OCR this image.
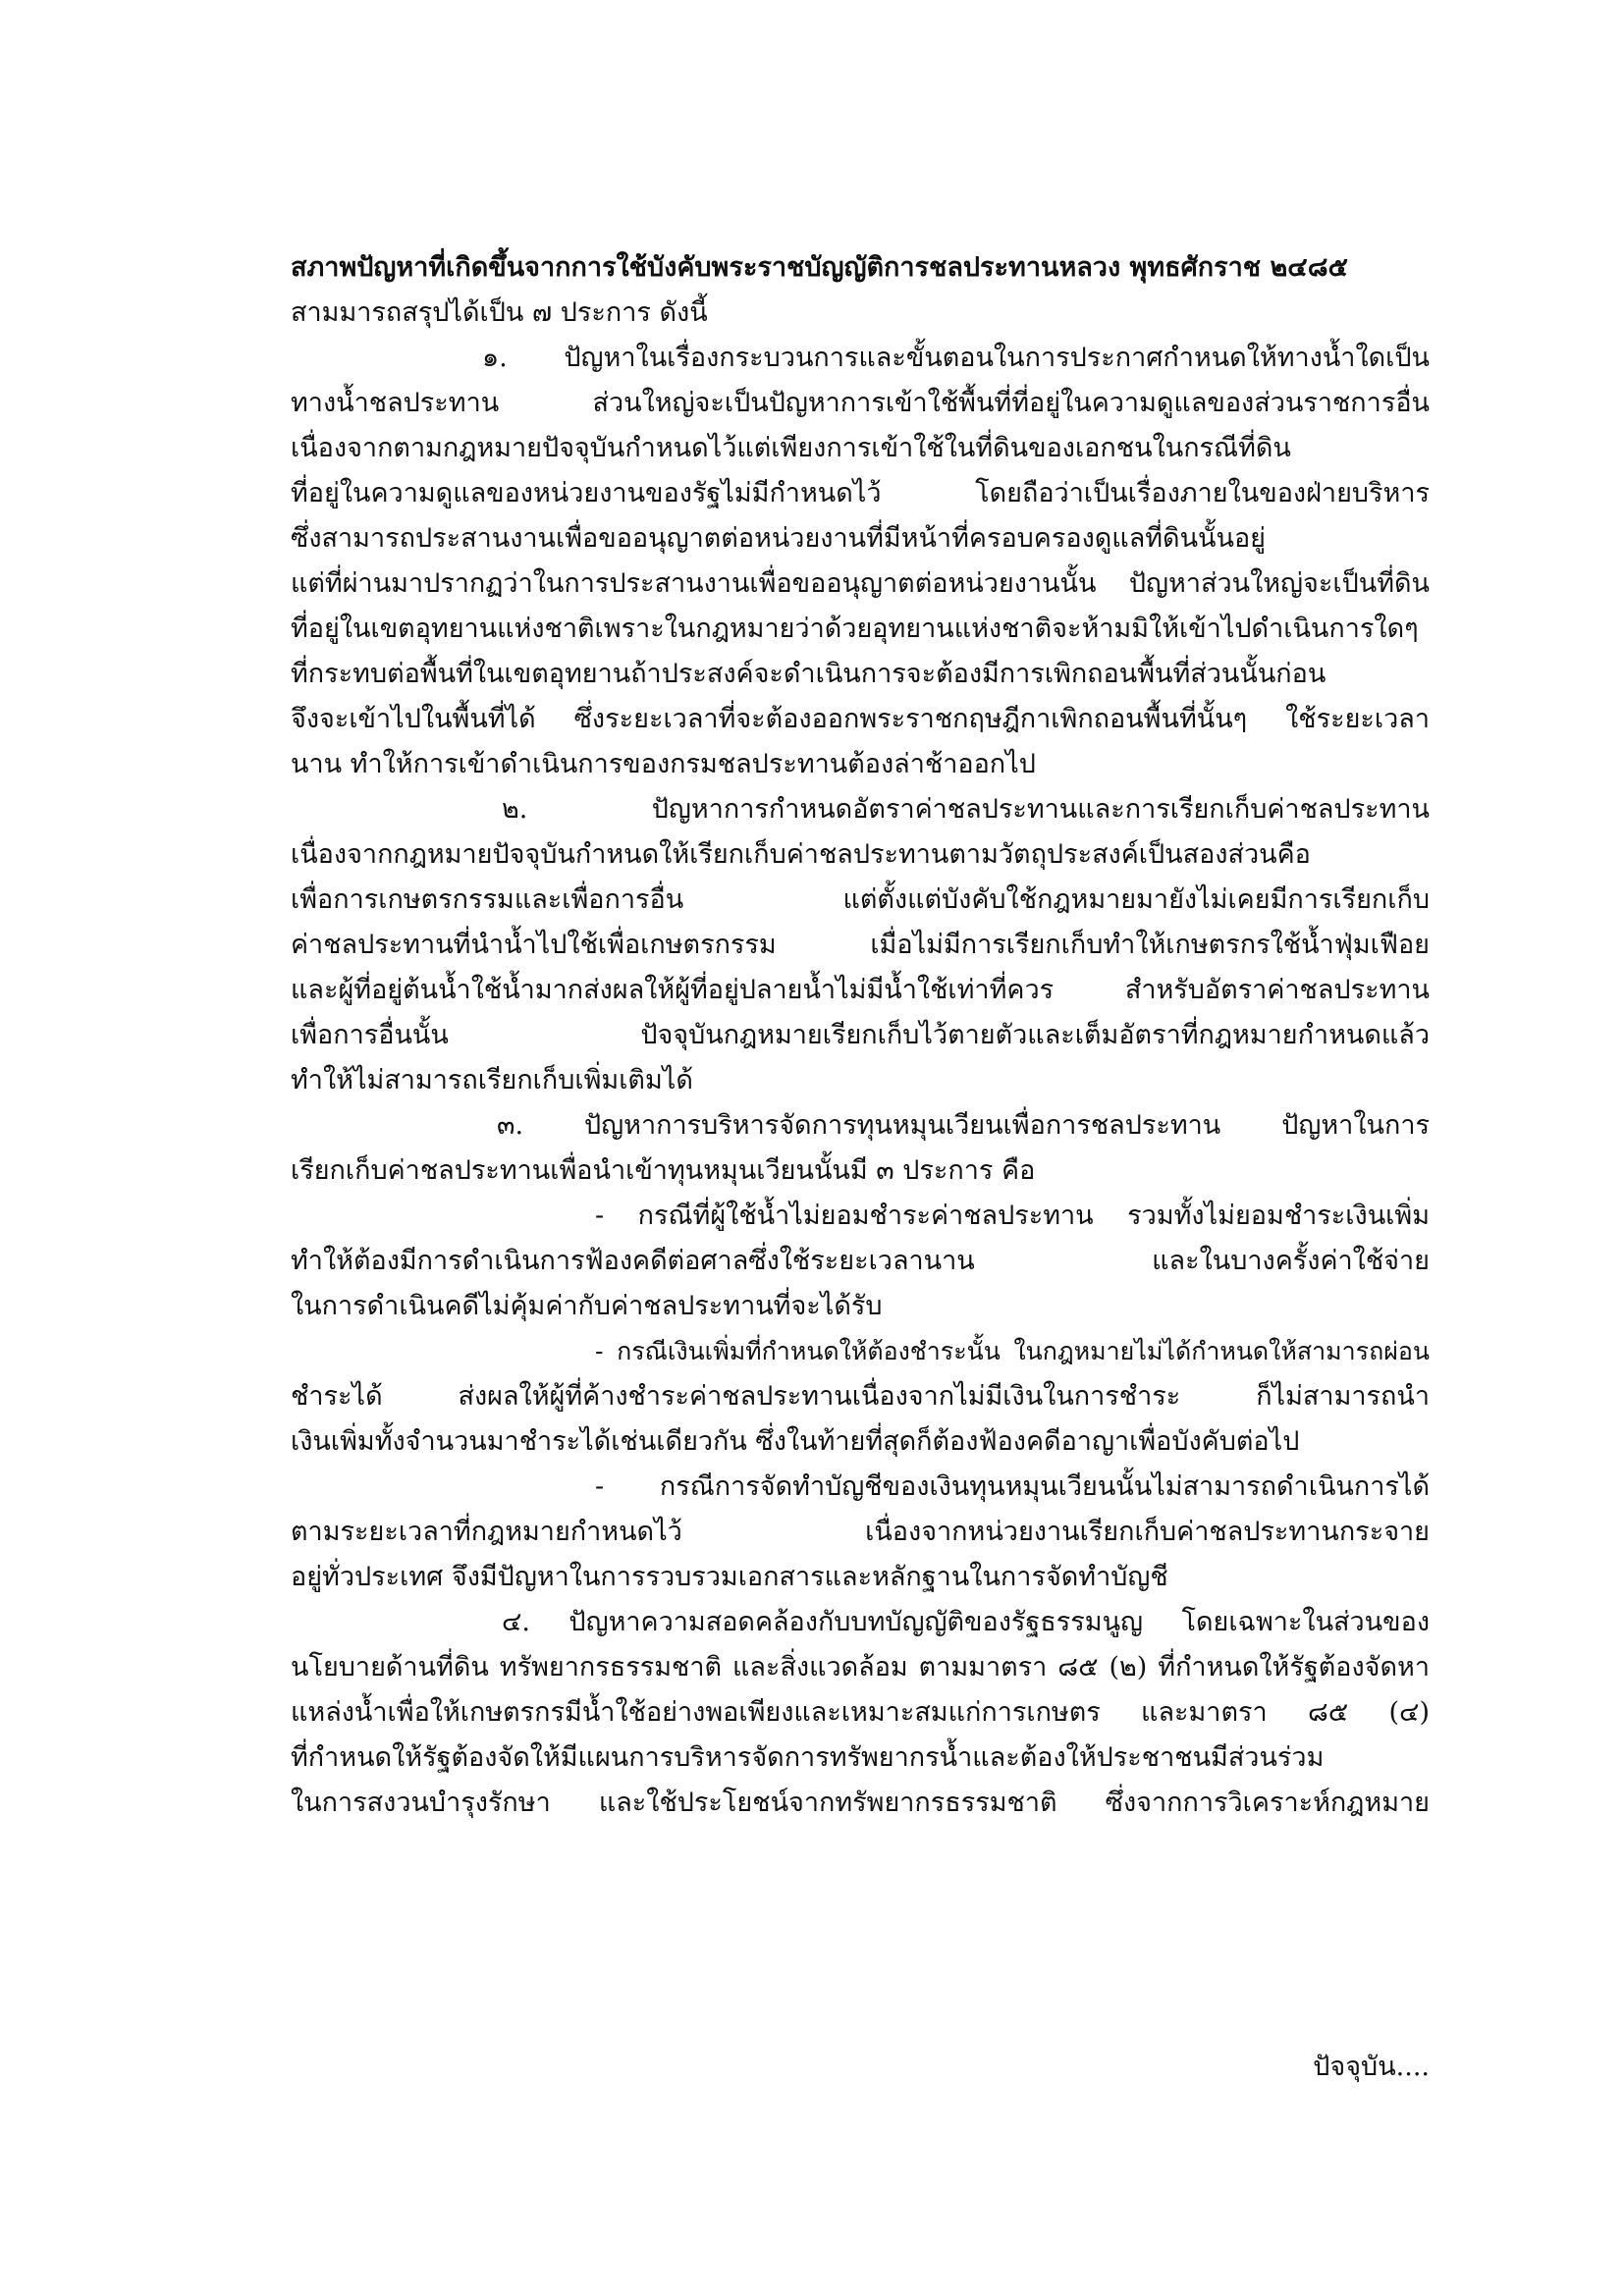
สภาพปัญหาที่เกิดขึ้นจากการใช้บังคับพระราชบัญญัติการชลประทานหลวง พุทธศักราช ๒๔๘๕
สามมารถสรุปได้เป็น ๗ ประการ ดังนี้
๑. ปัญหาในเรื่องกระบวนการและขั้นตอนในการประกาศกำหนดให้ทางน้ำใดเป็น
ทางน้ำชลประทาน ส่วนใหญ่จะเป็นปัญหาการเข้าใช้พื้นที่ที่อยู่ในความดูแลของส่วนราชการอื่น
เนื่องจากตามกฎหมายปัจจุบันกำหนดไว้แต่เพียงการเข้าใช้ในที่ดินของเอกชนในกรณีที่ดิน
ที่อยู่ในความดูแลของหน่วยงานของรัฐไม่มีกำหนดไว้ โดยถือว่าเป็นเรื่องภายในของฝ่ายบริหาร
ซึ่งสามารถประสานงานเพื่อขออนุญาตต่อหน่วยงานที่มีหน้าที่ครอบครองดูแลที่ดินนั้นอยู่
แต่ที่ผ่านมาปรากฏว่าในการประสานงานเพื่อขออนุญาตต่อหน่วยงานนั้น ปัญหาส่วนใหญ่จะเป็นที่ดิน
ที่อยู่ในเขตอุทยานแห่งชาติเพราะในกฎหมายว่าด้วยอุทยานแห่งชาติจะห้ามมิให้เข้าไปดำเนินการใดๆ
ที่กระทบต่อพื้นที่ในเขตอุทยานถ้าประสงค์จะดำเนินการจะต้องมีการเพิกถอนพื้นที่ส่วนนั้นก่อน
จึงจะเข้าไปในพื้นที่ได้ ซึ่งระยะเวลาที่จะต้องออกพระราชกฤษฎีกาเพิกถอนพื้นที่นั้นๆ ใช้ระยะเวลา
นาน ทำให้การเข้าดำเนินการของกรมชลประทานต้องล่าช้าออกไป
๒. ปัญหาการกำหนดอัตราค่าชลประทานและการเรียกเก็บค่าชลประทาน
เนื่องจากกฎหมายปัจจุบันกำหนดให้เรียกเก็บค่าชลประทานตามวัตถุประสงค์เป็นสองส่วนคือ
เพื่อการเกษตรกรรมและเพื่อการอื่น แต่ตั้งแต่บังคับใช้กฎหมายมายังไม่เคยมีการเรียกเก็บ
ค่าชลประทานที่นำน้ำไปใช้เพื่อเกษตรกรรม เมื่อไม่มีการเรียกเก็บทำให้เกษตรกรใช้น้ำฟุ่มเฟือย
และผู้ที่อยู่ต้นน้ำใช้น้ำมากส่งผลให้ผู้ที่อยู่ปลายน้ำไม่มีน้ำใช้เท่าที่ควร สำหรับอัตราค่าชลประทาน
เพื่อการอื่นนั้น ปัจจุบันกฎหมายเรียกเก็บไว้ตายตัวและเต็มอัตราที่กฎหมายกำหนดแล้ว
ทำให้ไม่สามารถเรียกเก็บเพิ่มเติมได้
๓. ปัญหาการบริหารจัดการทุนหมุนเวียนเพื่อการชลประทาน ปัญหาในการ
เรียกเก็บค่าชลประทานเพื่อนำเข้าทุนหมุนเวียนนั้นมี ๓ ประการ คือ
- กรณีที่ผู้ใช้น้ำไม่ยอมชำระค่าชลประทาน รวมทั้งไม่ยอมชำระเงินเพิ่ม
ทำให้ต้องมีการดำเนินการฟ้องคดีต่อศาลซึ่งใช้ระยะเวลานาน และในบางครั้งค่าใช้จ่าย
ในการดำเนินคดีไม่คุ้มค่ากับค่าชลประทานที่จะได้รับ
- กรณีเงินเพิ่มที่กำหนดให้ต้องชำระนั้น ในกฎหมายไม่ได้กำหนดให้สามารถผ่อน
ชำระได้ ส่งผลให้ผู้ที่ค้างชำระค่าชลประทานเนื่องจากไม่มีเงินในการชำระ ก็ไม่สามารถนำ
เงินเพิ่มทั้งจำนวนมาชำระได้เช่นเดียวกัน ซึ่งในท้ายที่สุดก็ต้องฟ้องคดีอาญาเพื่อบังคับต่อไป
- กรณีการจัดทำบัญชีของเงินทุนหมุนเวียนนั้นไม่สามารถดำเนินการได้
ตามระยะเวลาที่กฎหมายกำหนดไว้ เนื่องจากหน่วยงานเรียกเก็บค่าชลประทานกระจาย
อยู่ทั่วประเทศ จึงมีปัญหาในการรวบรวมเอกสารและหลักฐานในการจัดทำบัญชี
๔. ปัญหาความสอดคล้องกับบทบัญญัติของรัฐธรรมนูญ โดยเฉพาะในส่วนของ
นโยบายด้านที่ดิน ทรัพยากรธรรมชาติ และสิ่งแวดล้อม ตามมาตรา ๘๕ (๒) ที่กำหนดให้รัฐต้องจัดหา
แหล่งน้ำเพื่อให้เกษตรกรมีน้ำใช้อย่างพอเพียงและเหมาะสมแก่การเกษตร และมาตรา ๘๕ (๔)
ที่กำหนดให้รัฐต้องจัดให้มีแผนการบริหารจัดการทรัพยากรน้ำและต้องให้ประชาชนมีส่วนร่วม
ในการสงวนบำรุงรักษา และใช้ประโยชน์จากทรัพยากรธรรมชาติ ซึ่งจากการวิเคราะห์กฎหมาย
ปัจจุบัน....
